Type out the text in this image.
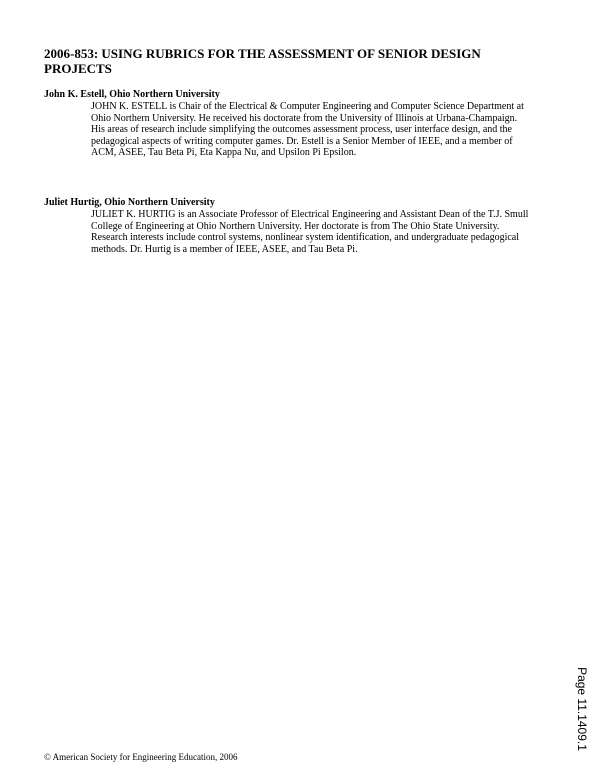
2006-853: USING RUBRICS FOR THE ASSESSMENT OF SENIOR DESIGN PROJECTS

John K. Estell, Ohio Northern University

JOHN K. ESTELL is Chair of the Electrical & Computer Engineering and Computer Science Department at Ohio Northern University. He received his doctorate from the University of Illinois at Urbana-Champaign. His areas of research include simplifying the outcomes assessment process, user interface design, and the pedagogical aspects of writing computer games. Dr. Estell is a Senior Member of IEEE, and a member of ACM, ASEE, Tau Beta Pi, Eta Kappa Nu, and Upsilon Pi Epsilon.

Juliet Hurtig, Ohio Northern University

JULIET K. HURTIG is an Associate Professor of Electrical Engineering and Assistant Dean of the T.J. Smull College of Engineering at Ohio Northern University. Her doctorate is from The Ohio State University. Research interests include control systems, nonlinear system identification, and undergraduate pedagogical methods. Dr. Hurtig is a member of IEEE, ASEE, and Tau Beta Pi.

Page 11.1409.1
© American Society for Engineering Education, 2006
